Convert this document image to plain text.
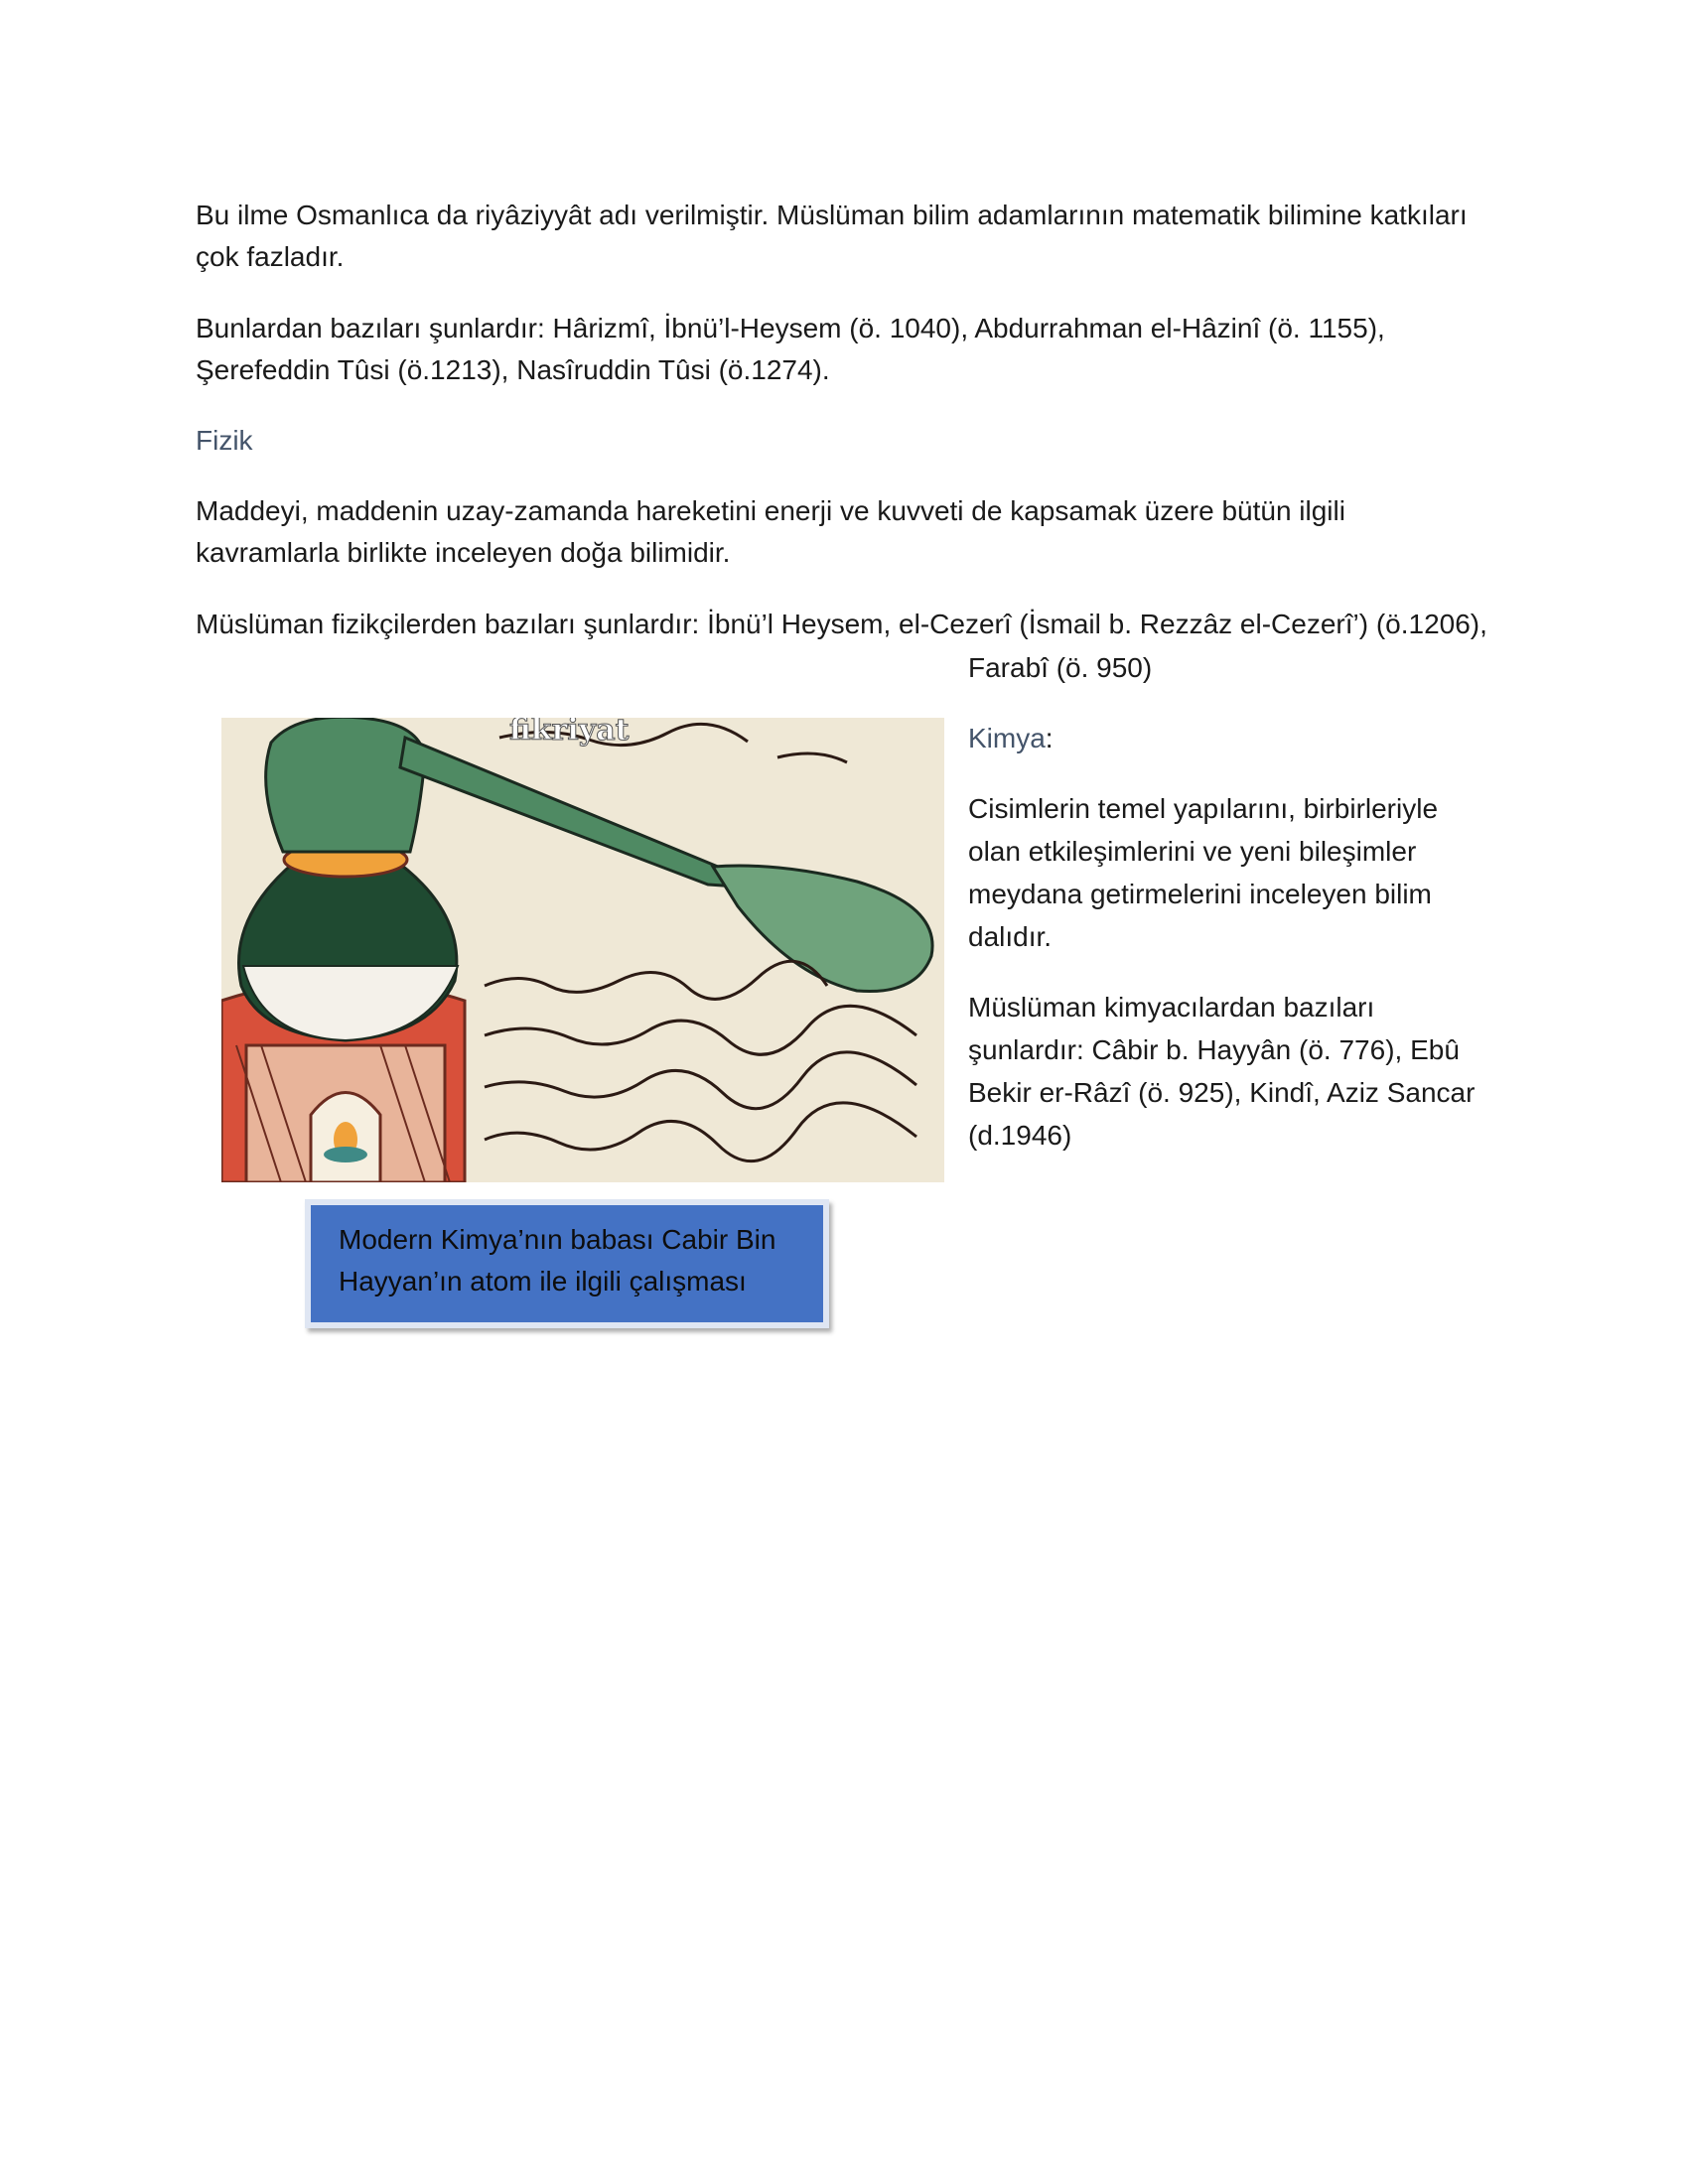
Bu ilme Osmanlıca da riyâziyyât adı verilmiştir. Müslüman bilim adamlarının matematik bilimine katkıları çok fazladır.

Bunlardan bazıları şunlardır: Hârizmî, İbnü’l-Heysem (ö. 1040), Abdurrahman el-Hâzinî (ö. 1155), Şerefeddin Tûsi (ö.1213), Nasîruddin Tûsi (ö.1274).

Fizik

Maddeyi, maddenin uzay-zamanda hareketini enerji ve kuvveti de kapsamak üzere bütün ilgili kavramlarla birlikte inceleyen doğa bilimidir.

Müslüman fizikçilerden bazıları şunlardır: İbnü’l Heysem, el-Cezerî (İsmail b. Rezzâz el-Cezerî’) (ö.1206),

Farabî (ö. 950)

Kimya:

Cisimlerin temel yapılarını, birbirleriyle olan etkileşimlerini ve yeni bileşimler meydana getirmelerini inceleyen bilim dalıdır.

Müslüman kimyacılardan bazıları şunlardır: Câbir b. Hayyân (ö. 776), Ebû Bekir er-Râzî (ö. 925), Kindî, Aziz Sancar (d.1946)

fikriyat
Modern Kimya’nın babası Cabir Bin Hayyan’ın atom ile ilgili çalışması
